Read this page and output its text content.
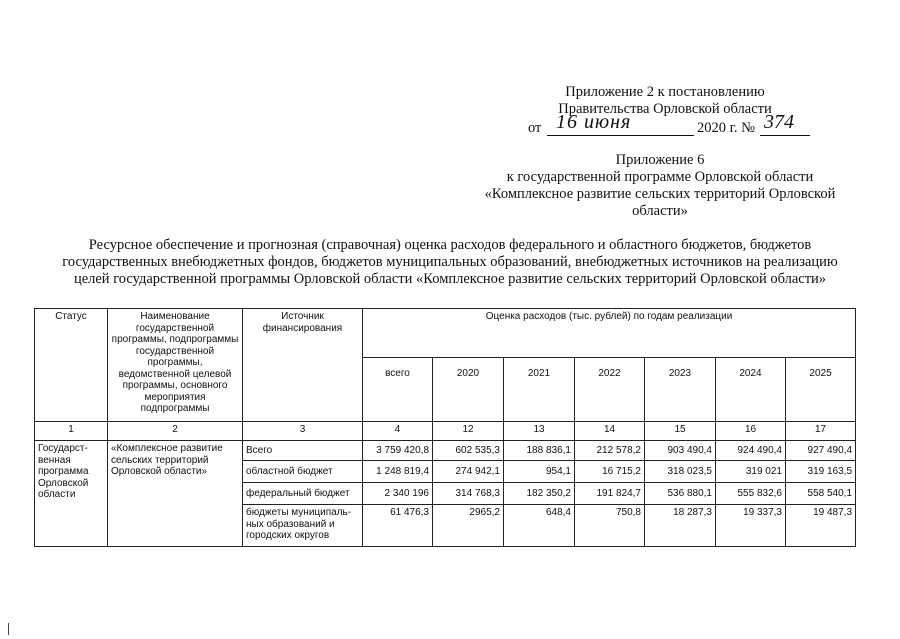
Приложение 2 к постановлению
Правительства Орловской области
от 16 июня	2020 г. № 374
Приложение 6
к государственной программе Орловской области
«Комплексное развитие сельских территорий Орловской
области»
Ресурсное обеспечение и прогнозная (справочная) оценка расходов федерального и областного бюджетов, бюджетов
государственных внебюджетных фондов, бюджетов муниципальных образований, внебюджетных источников на реализацию
целей государственной программы Орловской области «Комплексное развитие сельских территорий Орловской области»
Статус	Наименование государственной программы, подпрограммы государственной программы, ведомственной целевой программы, основного мероприятия подпрограммы	Источник финансирования	Оценка расходов (тыс. рублей) по годам реализации						
			всего	2020	2021	2022	2023	2024	2025
1	2	3	4	12	13	14	15	16	17
Государст-венная программа Орловской области	«Комплексное развитие сельских территорий Орловской области»	Всего	3 759 420,8	602 535,3	188 836,1	212 578,2	903 490,4	924 490,4	927 490,4
		областной бюджет	1 248 819,4	274 942,1	954,1	16 715,2	318 023,5	319 021	319 163,5
		федеральный бюджет	2 340 196	314 768,3	182 350,2	191 824,7	536 880,1	555 832,6	558 540,1
		бюджеты муниципаль-ных образований и городских округов	61 476,3	2965,2	648,4	750,8	18 287,3	19 337,3	19 487,3
